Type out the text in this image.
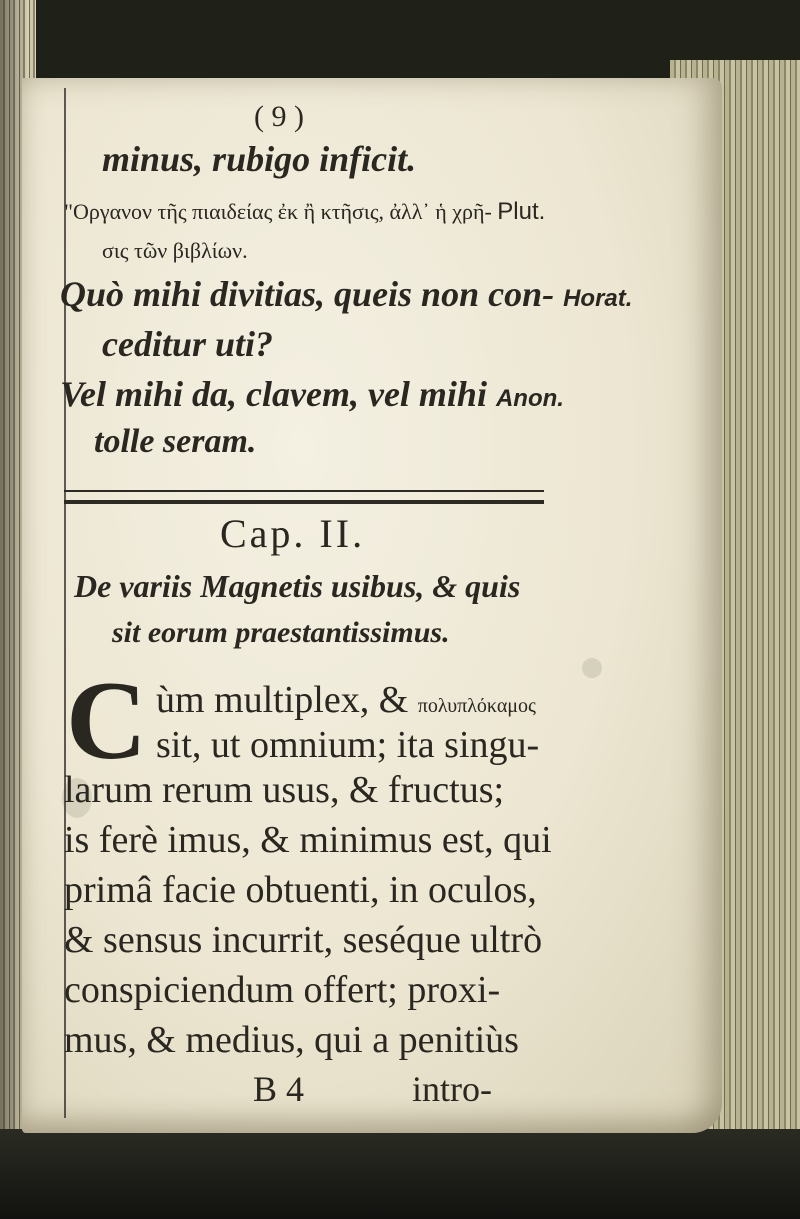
( 9 )
minus, rubigo inficit.
"Οργανον τῆς πιαιδείας ἐκ ἢ κτῆσις, ἀλλ᾽ ἡ χρῆ- Plut.
σις τῶν βιβλίων.
Quò mihi divitias, queis non con- Horat.
ceditur uti?
Vel mihi da, clavem, vel mihi Anon.
tolle seram.
Cap. II.
De variis Magnetis usibus, & quis
sit eorum praestantissimus.
C ùm multiplex, & πολυπλόκαμος
sit, ut omnium; ita singu-
larum rerum usus, & fructus;
is ferè imus, & minimus est, qui
primâ facie obtuenti, in oculos,
& sensus incurrit, seséque ultrò
conspiciendum offert; proxi-
mus, & medius, qui a penitiùs
B 4	intro-
